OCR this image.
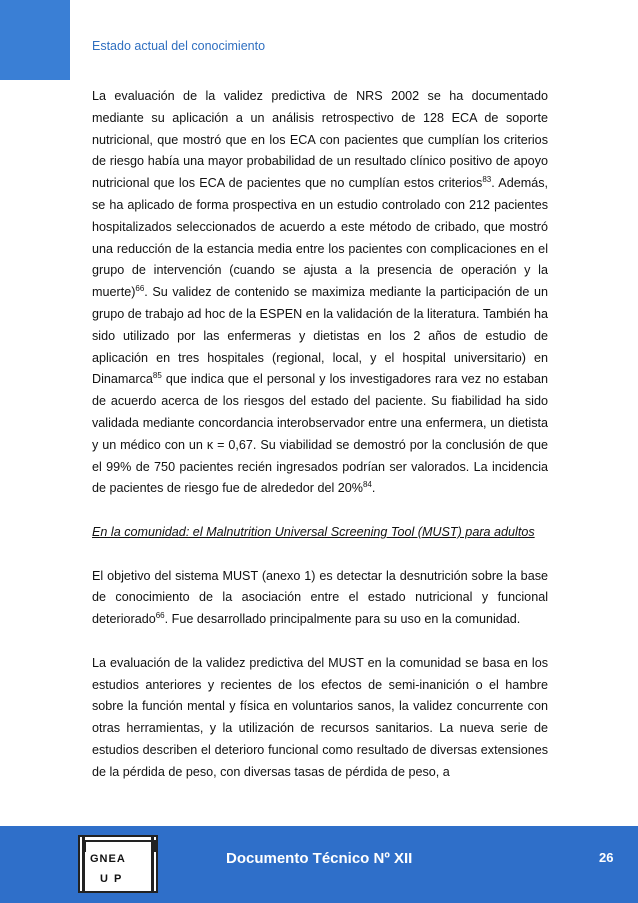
Estado actual del conocimiento

La evaluación de la validez predictiva de NRS 2002 se ha documentado mediante su aplicación a un análisis retrospectivo de 128 ECA de soporte nutricional, que mostró que en los ECA con pacientes que cumplían los criterios de riesgo había una mayor probabilidad de un resultado clínico positivo de apoyo nutricional que los ECA de pacientes que no cumplían estos criterios$^{83}$. Además, se ha aplicado de forma prospectiva en un estudio controlado con 212 pacientes hospitalizados seleccionados de acuerdo a este método de cribado, que mostró una reducción de la estancia media entre los pacientes con complicaciones en el grupo de intervención (cuando se ajusta a la presencia de operación y la muerte)$^{66}$. Su validez de contenido se maximiza mediante la participación de un grupo de trabajo ad hoc de la ESPEN en la validación de la literatura. También ha sido utilizado por las enfermeras y dietistas en los 2 años de estudio de aplicación en tres hospitales (regional, local, y el hospital universitario) en Dinamarca$^{85}$ que indica que el personal y los investigadores rara vez no estaban de acuerdo acerca de los riesgos del estado del paciente. Su fiabilidad ha sido validada mediante concordancia interobservador entre una enfermera, un dietista y un médico con un κ = 0,67. Su viabilidad se demostró por la conclusión de que el 99% de 750 pacientes recién ingresados podrían ser valorados. La incidencia de pacientes de riesgo fue de alrededor del 20%$^{84}$.

En la comunidad: el Malnutrition Universal Screening Tool (MUST) para adultos

El objetivo del sistema MUST (anexo 1) es detectar la desnutrición sobre la base de conocimiento de la asociación entre el estado nutricional y funcional deteriorado$^{66}$. Fue desarrollado principalmente para su uso en la comunidad.

La evaluación de la validez predictiva del MUST en la comunidad se basa en los estudios anteriores y recientes de los efectos de semi-inanición o el hambre sobre la función mental y física en voluntarios sanos, la validez concurrente con otras herramientas, y la utilización de recursos sanitarios. La nueva serie de estudios describen el deterioro funcional como resultado de diversas extensiones de la pérdida de peso, con diversas tasas de pérdida de peso, a

GNEA
UP
Documento Técnico Nº XII	26
